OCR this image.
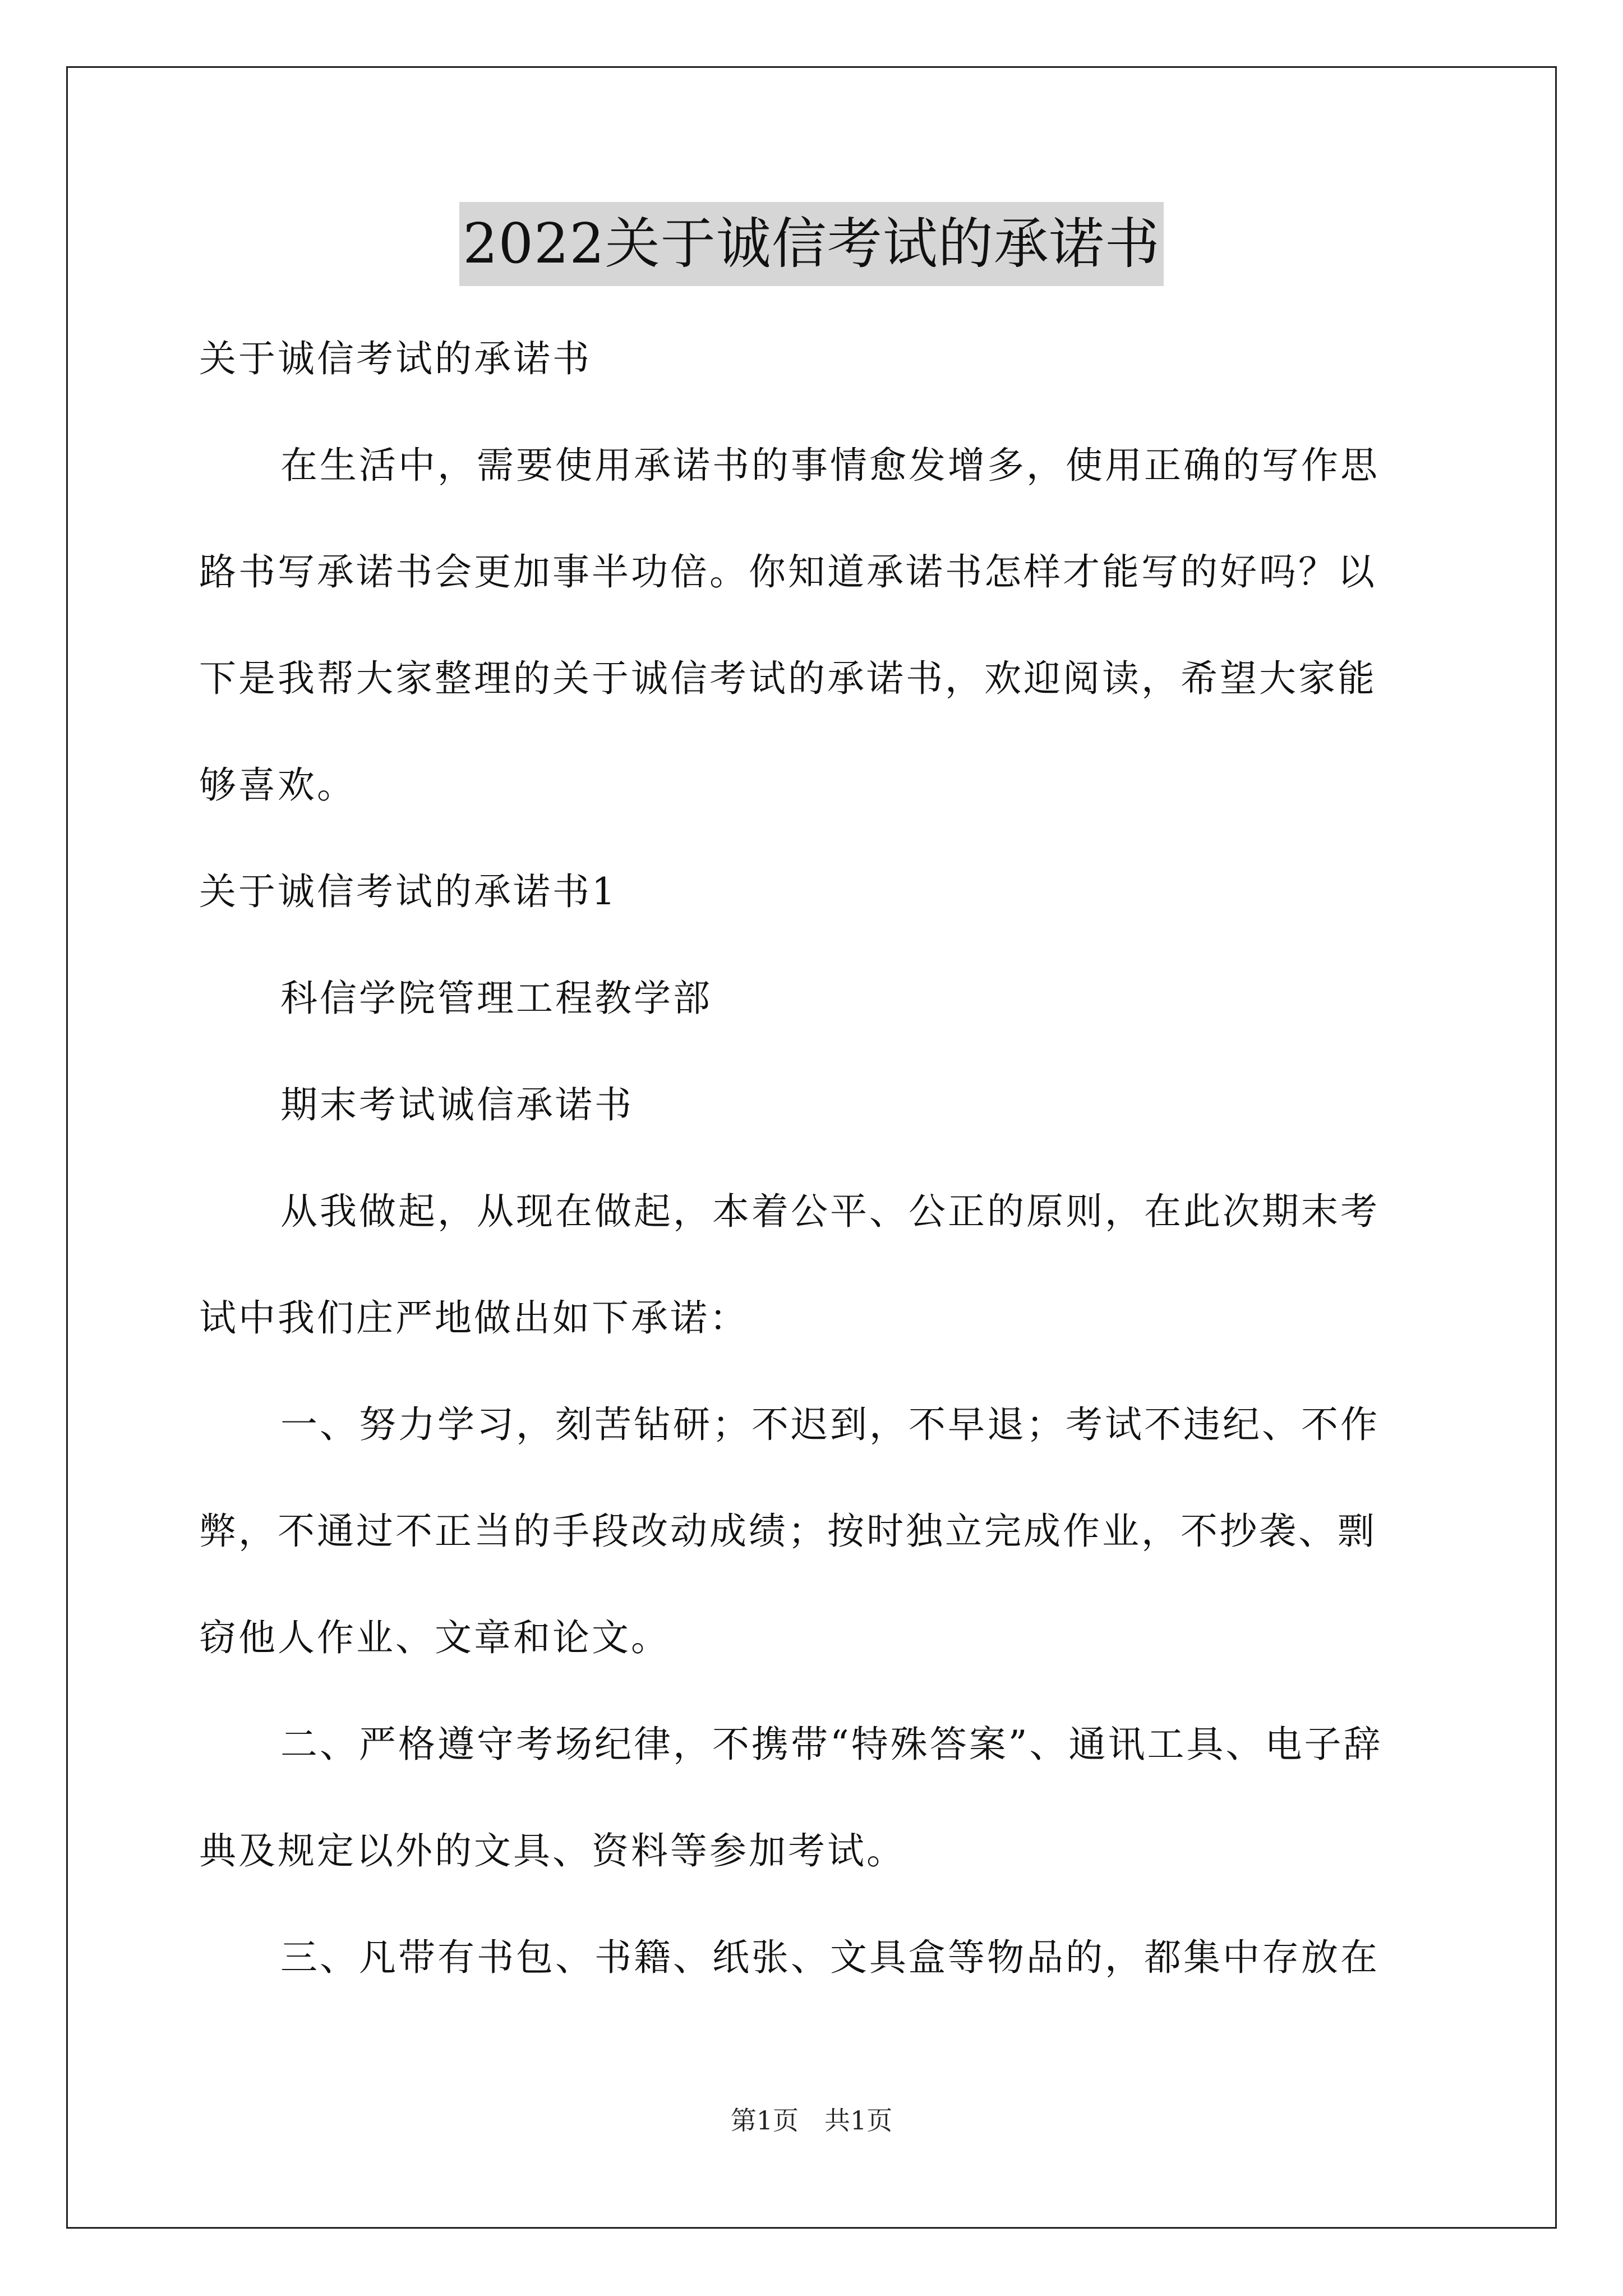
2022关于诚信考试的承诺书
关于诚信考试的承诺书
在生活中，需要使用承诺书的事情愈发增多，使用正确的写作思
路书写承诺书会更加事半功倍。你知道承诺书怎样才能写的好吗？以
下是我帮大家整理的关于诚信考试的承诺书，欢迎阅读，希望大家能
够喜欢。
关于诚信考试的承诺书1
科信学院管理工程教学部
期末考试诚信承诺书
从我做起，从现在做起，本着公平、公正的原则，在此次期末考
试中我们庄严地做出如下承诺：
一、努力学习，刻苦钻研；不迟到，不早退；考试不违纪、不作
弊，不通过不正当的手段改动成绩；按时独立完成作业，不抄袭、剽
窃他人作业、文章和论文。
二、严格遵守考场纪律，不携带“特殊答案”、通讯工具、电子辞
典及规定以外的文具、资料等参加考试。
三、凡带有书包、书籍、纸张、文具盒等物品的，都集中存放在
第1页　共1页
